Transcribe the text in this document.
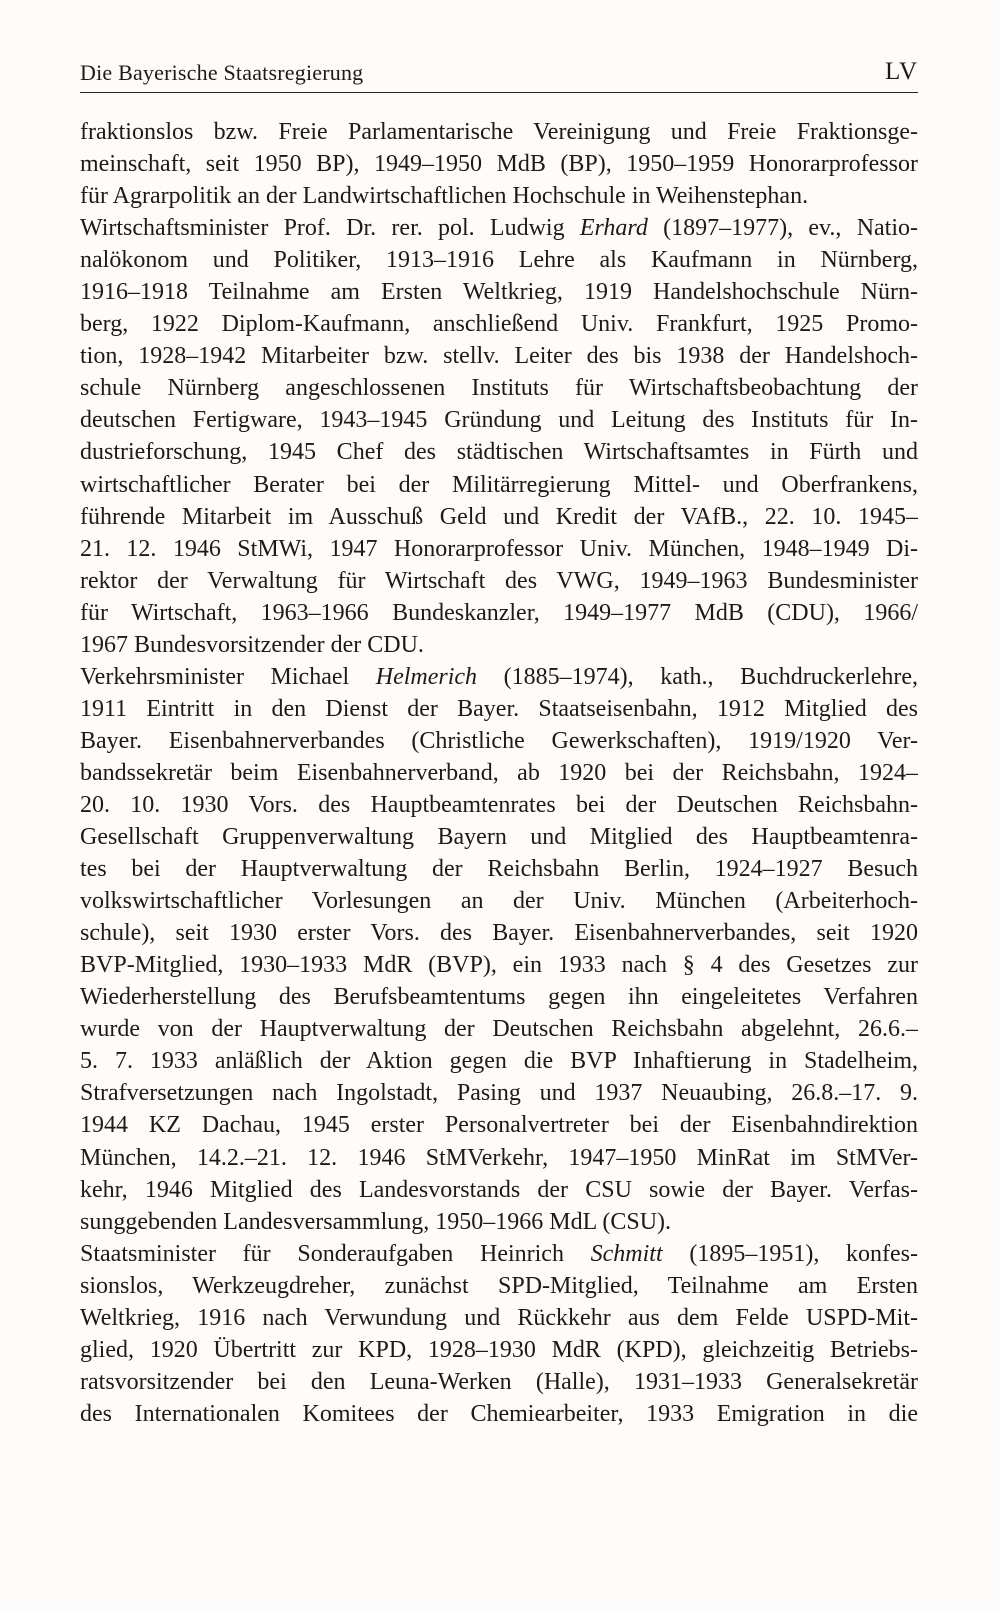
Die Bayerische Staatsregierung	LV
fraktionslos bzw. Freie Parlamentarische Vereinigung und Freie Fraktionsge-
meinschaft, seit 1950 BP), 1949–1950 MdB (BP), 1950–1959 Honorarprofessor
für Agrarpolitik an der Landwirtschaftlichen Hochschule in Weihenstephan.
Wirtschaftsminister Prof. Dr. rer. pol. Ludwig Erhard (1897–1977), ev., Natio-
nalökonom und Politiker, 1913–1916 Lehre als Kaufmann in Nürnberg,
1916–1918 Teilnahme am Ersten Weltkrieg, 1919 Handelshochschule Nürn-
berg, 1922 Diplom-Kaufmann, anschließend Univ. Frankfurt, 1925 Promo-
tion, 1928–1942 Mitarbeiter bzw. stellv. Leiter des bis 1938 der Handelshoch-
schule Nürnberg angeschlossenen Instituts für Wirtschaftsbeobachtung der
deutschen Fertigware, 1943–1945 Gründung und Leitung des Instituts für In-
dustrieforschung, 1945 Chef des städtischen Wirtschaftsamtes in Fürth und
wirtschaftlicher Berater bei der Militärregierung Mittel- und Oberfrankens,
führende Mitarbeit im Ausschuß Geld und Kredit der VAfB., 22. 10. 1945–
21. 12. 1946 StMWi, 1947 Honorarprofessor Univ. München, 1948–1949 Di-
rektor der Verwaltung für Wirtschaft des VWG, 1949–1963 Bundesminister
für Wirtschaft, 1963–1966 Bundeskanzler, 1949–1977 MdB (CDU), 1966/
1967 Bundesvorsitzender der CDU.
Verkehrsminister Michael Helmerich (1885–1974), kath., Buchdruckerlehre,
1911 Eintritt in den Dienst der Bayer. Staatseisenbahn, 1912 Mitglied des
Bayer. Eisenbahnerverbandes (Christliche Gewerkschaften), 1919/1920 Ver-
bandssekretär beim Eisenbahnerverband, ab 1920 bei der Reichsbahn, 1924–
20. 10. 1930 Vors. des Hauptbeamtenrates bei der Deutschen Reichsbahn-
Gesellschaft Gruppenverwaltung Bayern und Mitglied des Hauptbeamtenra-
tes bei der Hauptverwaltung der Reichsbahn Berlin, 1924–1927 Besuch
volkswirtschaftlicher Vorlesungen an der Univ. München (Arbeiterhoch-
schule), seit 1930 erster Vors. des Bayer. Eisenbahnerverbandes, seit 1920
BVP-Mitglied, 1930–1933 MdR (BVP), ein 1933 nach § 4 des Gesetzes zur
Wiederherstellung des Berufsbeamtentums gegen ihn eingeleitetes Verfahren
wurde von der Hauptverwaltung der Deutschen Reichsbahn abgelehnt, 26.6.–
5. 7. 1933 anläßlich der Aktion gegen die BVP Inhaftierung in Stadelheim,
Strafversetzungen nach Ingolstadt, Pasing und 1937 Neuaubing, 26.8.–17. 9.
1944 KZ Dachau, 1945 erster Personalvertreter bei der Eisenbahndirektion
München, 14.2.–21. 12. 1946 StMVerkehr, 1947–1950 MinRat im StMVer-
kehr, 1946 Mitglied des Landesvorstands der CSU sowie der Bayer. Verfas-
sunggebenden Landesversammlung, 1950–1966 MdL (CSU).
Staatsminister für Sonderaufgaben Heinrich Schmitt (1895–1951), konfes-
sionslos, Werkzeugdreher, zunächst SPD-Mitglied, Teilnahme am Ersten
Weltkrieg, 1916 nach Verwundung und Rückkehr aus dem Felde USPD-Mit-
glied, 1920 Übertritt zur KPD, 1928–1930 MdR (KPD), gleichzeitig Betriebs-
ratsvorsitzender bei den Leuna-Werken (Halle), 1931–1933 Generalsekretär
des Internationalen Komitees der Chemiearbeiter, 1933 Emigration in die
